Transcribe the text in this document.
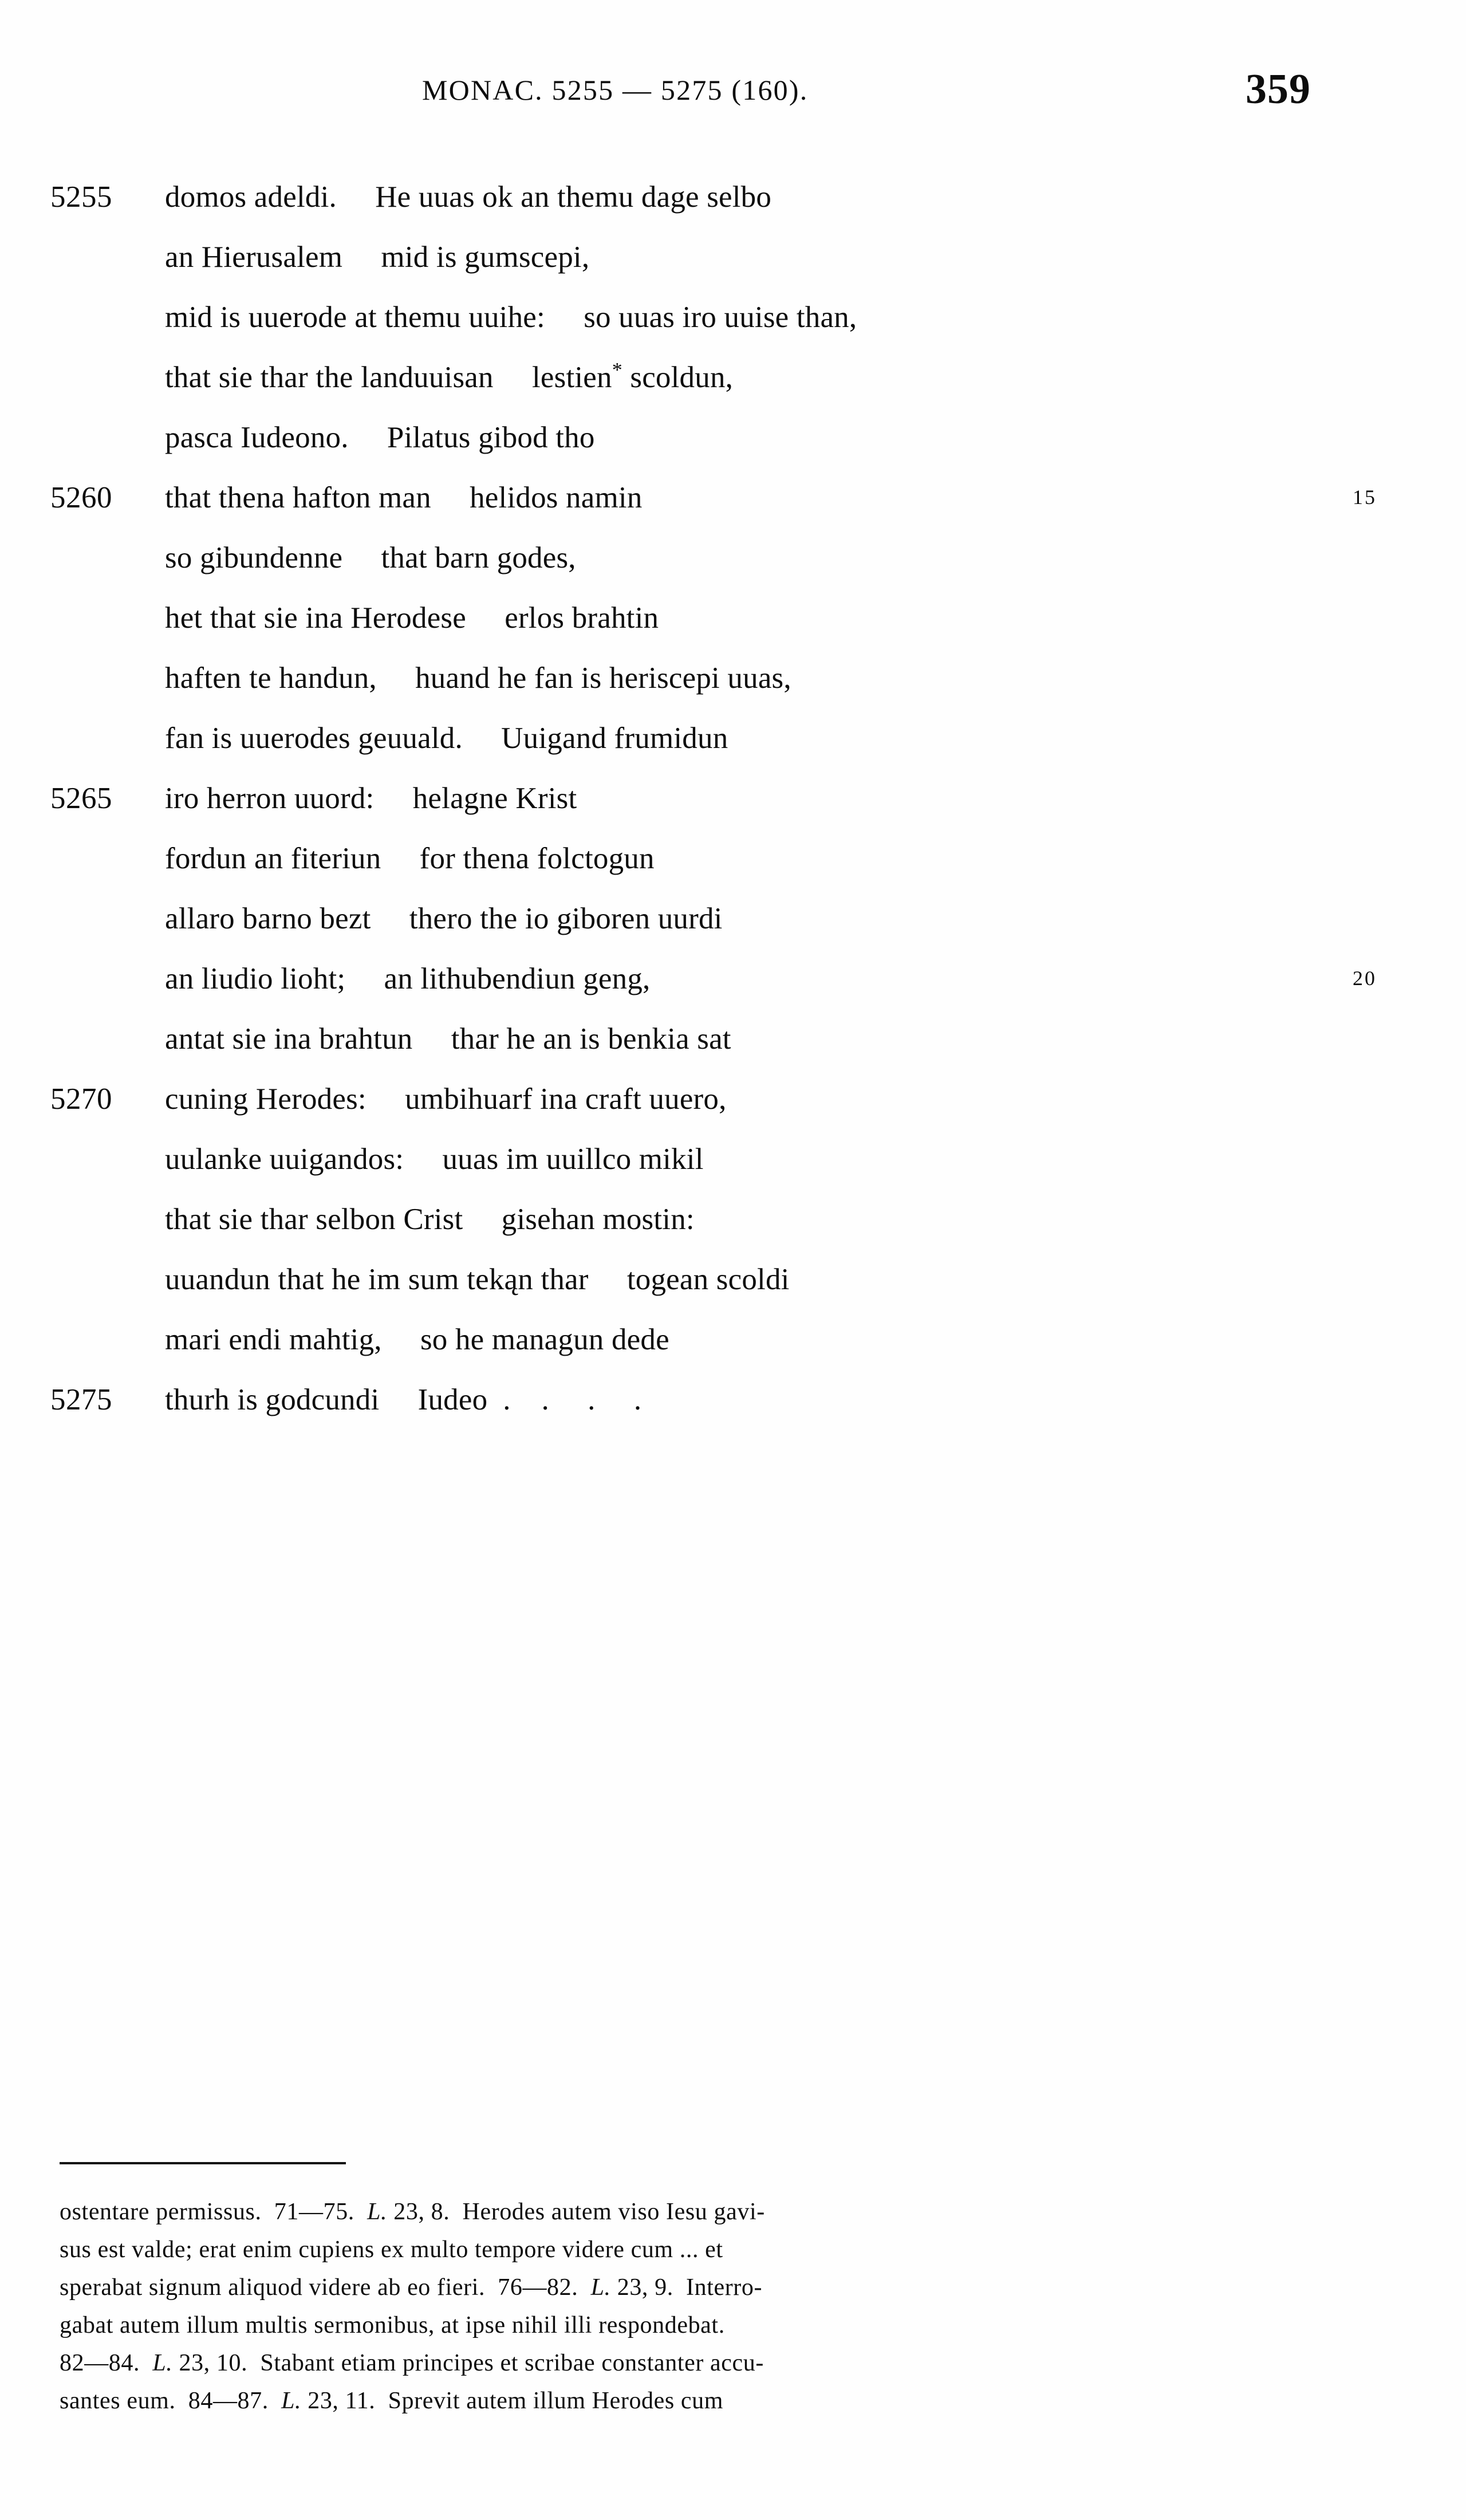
MONAC. 5255 — 5275 (160).	359
5255	domos adeldi.     He uuas ok an themu dage selbo
an Hierusalem     mid is gumscepi,
mid is uuerode at themu uuihe:     so uuas iro uuise than,
that sie thar the landuuisan     lestien* scoldun,
pasca Iudeono.     Pilatus gibod tho
5260	that thena hafton man     helidos namin	15
so gibundenne     that barn godes,
het that sie ina Herodese     erlos brahtin
haften te handun,     huand he fan is heriscepi uuas,
fan is uuerodes geuuald.     Uuigand frumidun
5265	iro herron uuord:     helagne Krist
fordun an fiteriun     for thena folctogun
allaro barno bezt     thero the io giboren uurdi
an liudio lioht;     an lithubendiun geng,	20
antat sie ina brahtun     thar he an is benkia sat
5270	cuning Herodes:     umbihuarf ina craft uuero,
uulanke uuigandos:     uuas im uuillco mikil
that sie thar selbon Crist     gisehan mostin:
uuandun that he im sum tekąn thar     togean scoldi
mari endi mahtig,     so he managun dede
5275	thurh is godcundi     Iudeo  .    .     .     .
ostentare permissus.  71—75.  L. 23, 8.  Herodes autem viso Iesu gavi-
sus est valde; erat enim cupiens ex multo tempore videre cum ... et
sperabat signum aliquod videre ab eo fieri.  76—82.  L. 23, 9.  Interro-
gabat autem illum multis sermonibus, at ipse nihil illi respondebat.
82—84.  L. 23, 10.  Stabant etiam principes et scribae constanter accu-
santes eum.  84—87.  L. 23, 11.  Sprevit autem illum Herodes cum
